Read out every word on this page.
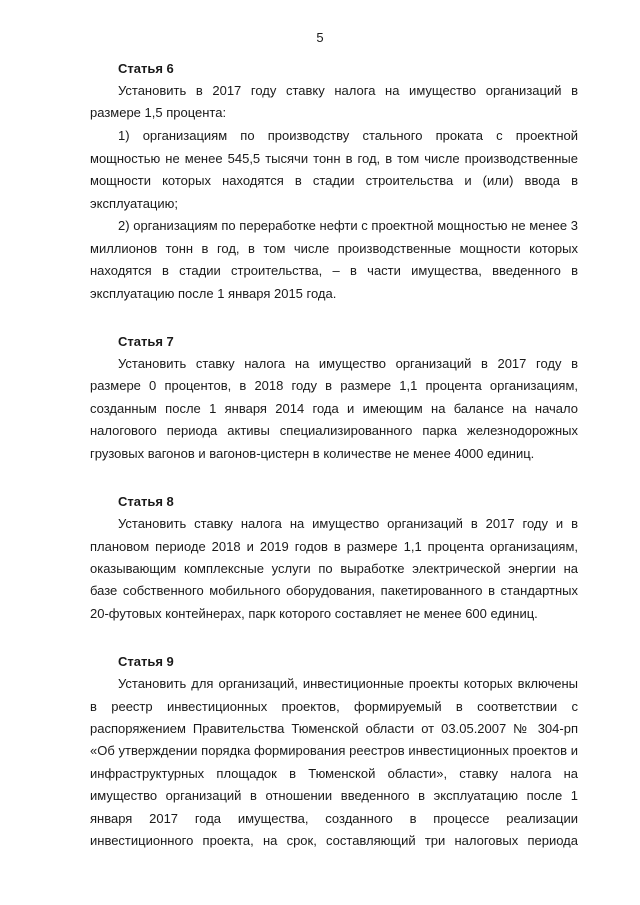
5
Статья 6

Установить в 2017 году ставку налога на имущество организаций в размере 1,5 процента:

1) организациям по производству стального проката с проектной мощностью не менее 545,5 тысячи тонн в год, в том числе производственные мощности которых находятся в стадии строительства и (или) ввода в эксплуатацию;

2) организациям по переработке нефти с проектной мощностью не менее 3 миллионов тонн в год, в том числе производственные мощности которых находятся в стадии строительства, – в части имущества, введенного в эксплуатацию после 1 января 2015 года.

Статья 7

Установить ставку налога на имущество организаций в 2017 году в размере 0 процентов, в 2018 году в размере 1,1 процента организациям, созданным после 1 января 2014 года и имеющим на балансе на начало налогового периода активы специализированного парка железнодорожных грузовых вагонов и вагонов-цистерн в количестве не менее 4000 единиц.

Статья 8

Установить ставку налога на имущество организаций в 2017 году и в плановом периоде 2018 и 2019 годов в размере 1,1 процента организациям, оказывающим комплексные услуги по выработке электрической энергии на базе собственного мобильного оборудования, пакетированного в стандартных 20-футовых контейнерах, парк которого составляет не менее 600 единиц.

Статья 9

Установить для организаций, инвестиционные проекты которых включены в реестр инвестиционных проектов, формируемый в соответствии с распоряжением Правительства Тюменской области от 03.05.2007 № 304-рп «Об утверждении порядка формирования реестров инвестиционных проектов и инфраструктурных площадок в Тюменской области», ставку налога на имущество организаций в отношении введенного в эксплуатацию после 1 января 2017 года имущества, созданного в процессе реализации инвестиционного проекта, на срок, составляющий три налоговых периода
